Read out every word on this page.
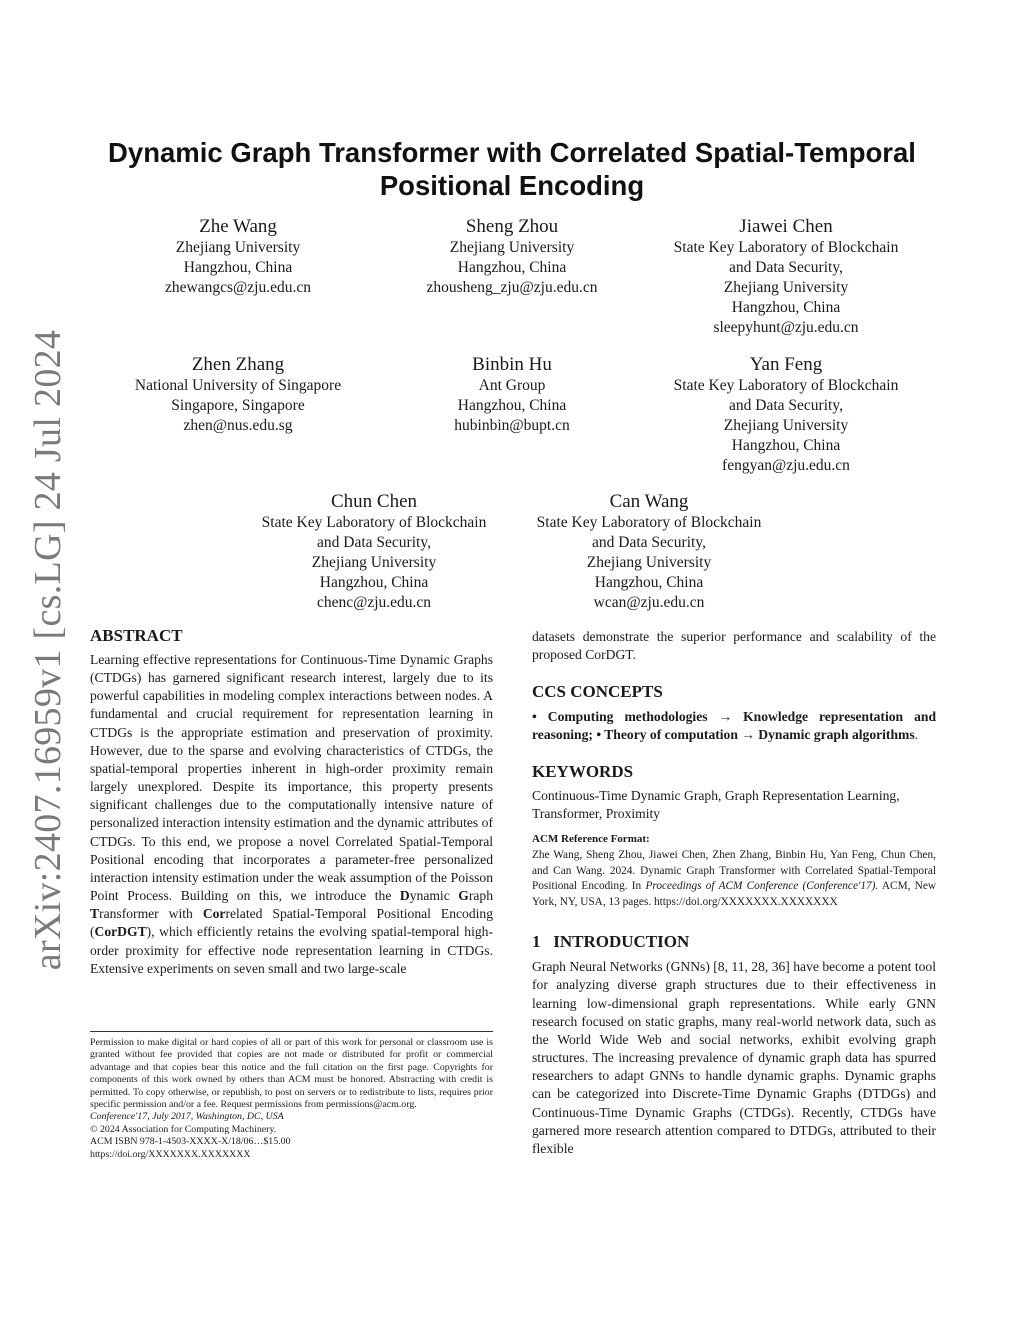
arXiv:2407.16959v1 [cs.LG] 24 Jul 2024
Dynamic Graph Transformer with Correlated Spatial-Temporal
Positional Encoding
Zhe Wang
Zhejiang University
Hangzhou, China
zhewangcs@zju.edu.cn
Sheng Zhou
Zhejiang University
Hangzhou, China
zhousheng_zju@zju.edu.cn
Jiawei Chen
State Key Laboratory of Blockchain
and Data Security,
Zhejiang University
Hangzhou, China
sleepyhunt@zju.edu.cn
Zhen Zhang
National University of Singapore
Singapore, Singapore
zhen@nus.edu.sg
Binbin Hu
Ant Group
Hangzhou, China
hubinbin@bupt.cn
Yan Feng
State Key Laboratory of Blockchain
and Data Security,
Zhejiang University
Hangzhou, China
fengyan@zju.edu.cn
Chun Chen
State Key Laboratory of Blockchain
and Data Security,
Zhejiang University
Hangzhou, China
chenc@zju.edu.cn
Can Wang
State Key Laboratory of Blockchain
and Data Security,
Zhejiang University
Hangzhou, China
wcan@zju.edu.cn
ABSTRACT

Learning effective representations for Continuous-Time Dynamic Graphs (CTDGs) has garnered significant research interest, largely due to its powerful capabilities in modeling complex interactions between nodes. A fundamental and crucial requirement for representation learning in CTDGs is the appropriate estimation and preservation of proximity. However, due to the sparse and evolving characteristics of CTDGs, the spatial-temporal properties inherent in high-order proximity remain largely unexplored. Despite its importance, this property presents significant challenges due to the computationally intensive nature of personalized interaction intensity estimation and the dynamic attributes of CTDGs. To this end, we propose a novel Correlated Spatial-Temporal Positional encoding that incorporates a parameter-free personalized interaction intensity estimation under the weak assumption of the Poisson Point Process. Building on this, we introduce the Dynamic Graph Transformer with Correlated Spatial-Temporal Positional Encoding (CorDGT), which efficiently retains the evolving spatial-temporal high-order proximity for effective node representation learning in CTDGs. Extensive experiments on seven small and two large-scale

Permission to make digital or hard copies of all or part of this work for personal or classroom use is granted without fee provided that copies are not made or distributed for profit or commercial advantage and that copies bear this notice and the full citation on the first page. Copyrights for components of this work owned by others than ACM must be honored. Abstracting with credit is permitted. To copy otherwise, or republish, to post on servers or to redistribute to lists, requires prior specific permission and/or a fee. Request permissions from permissions@acm.org.
Conference'17, July 2017, Washington, DC, USA
© 2024 Association for Computing Machinery.
ACM ISBN 978-1-4503-XXXX-X/18/06…$15.00
https://doi.org/XXXXXXX.XXXXXXX

datasets demonstrate the superior performance and scalability of the proposed CorDGT.

CCS CONCEPTS

• Computing methodologies → Knowledge representation and reasoning; • Theory of computation → Dynamic graph algorithms.

KEYWORDS

Continuous-Time Dynamic Graph, Graph Representation Learning, Transformer, Proximity

ACM Reference Format:

Zhe Wang, Sheng Zhou, Jiawei Chen, Zhen Zhang, Binbin Hu, Yan Feng, Chun Chen, and Can Wang. 2024. Dynamic Graph Transformer with Correlated Spatial-Temporal Positional Encoding. In Proceedings of ACM Conference (Conference'17). ACM, New York, NY, USA, 13 pages. https://doi.org/XXXXXXX.XXXXXXX

1 INTRODUCTION

Graph Neural Networks (GNNs) [8, 11, 28, 36] have become a potent tool for analyzing diverse graph structures due to their effectiveness in learning low-dimensional graph representations. While early GNN research focused on static graphs, many real-world network data, such as the World Wide Web and social networks, exhibit evolving graph structures. The increasing prevalence of dynamic graph data has spurred researchers to adapt GNNs to handle dynamic graphs. Dynamic graphs can be categorized into Discrete-Time Dynamic Graphs (DTDGs) and Continuous-Time Dynamic Graphs (CTDGs). Recently, CTDGs have garnered more research attention compared to DTDGs, attributed to their flexible
